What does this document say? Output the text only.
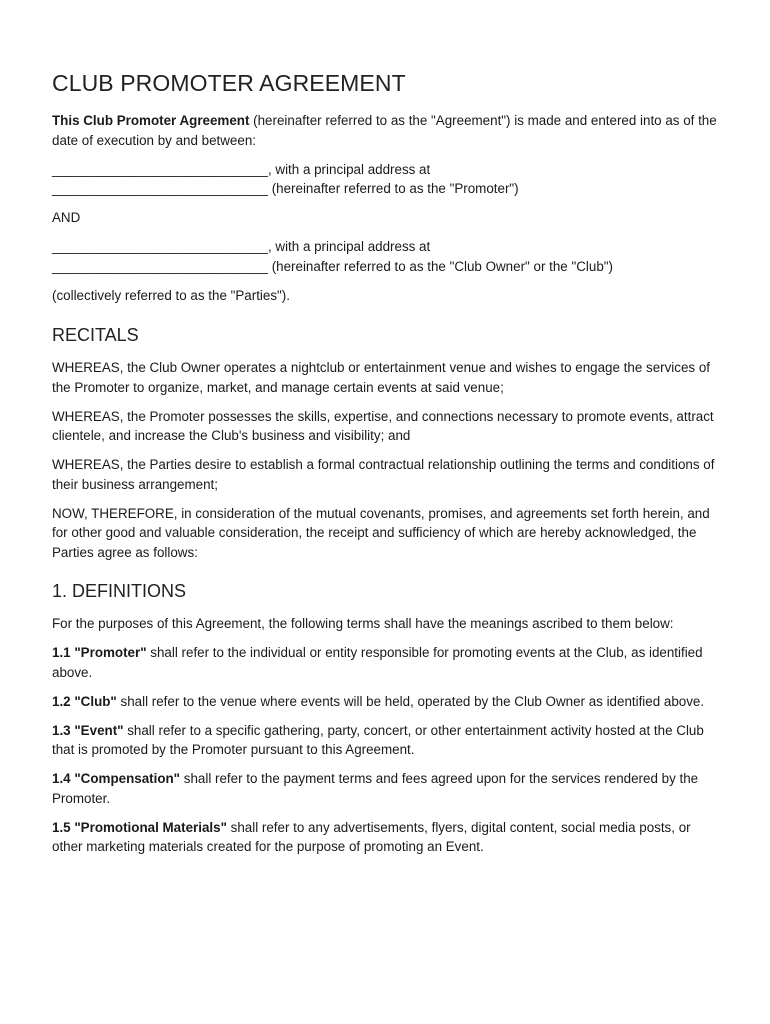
CLUB PROMOTER AGREEMENT

This Club Promoter Agreement (hereinafter referred to as the "Agreement") is made and entered into as of the date of execution by and between:

_____________________________, with a principal address at
_____________________________ (hereinafter referred to as the "Promoter")

AND

_____________________________, with a principal address at
_____________________________ (hereinafter referred to as the "Club Owner" or the "Club")

(collectively referred to as the "Parties").

RECITALS

WHEREAS, the Club Owner operates a nightclub or entertainment venue and wishes to engage the services of the Promoter to organize, market, and manage certain events at said venue;

WHEREAS, the Promoter possesses the skills, expertise, and connections necessary to promote events, attract clientele, and increase the Club's business and visibility; and

WHEREAS, the Parties desire to establish a formal contractual relationship outlining the terms and conditions of their business arrangement;

NOW, THEREFORE, in consideration of the mutual covenants, promises, and agreements set forth herein, and for other good and valuable consideration, the receipt and sufficiency of which are hereby acknowledged, the Parties agree as follows:

1. DEFINITIONS

For the purposes of this Agreement, the following terms shall have the meanings ascribed to them below:

1.1 "Promoter" shall refer to the individual or entity responsible for promoting events at the Club, as identified above.

1.2 "Club" shall refer to the venue where events will be held, operated by the Club Owner as identified above.

1.3 "Event" shall refer to a specific gathering, party, concert, or other entertainment activity hosted at the Club that is promoted by the Promoter pursuant to this Agreement.

1.4 "Compensation" shall refer to the payment terms and fees agreed upon for the services rendered by the Promoter.

1.5 "Promotional Materials" shall refer to any advertisements, flyers, digital content, social media posts, or other marketing materials created for the purpose of promoting an Event.
